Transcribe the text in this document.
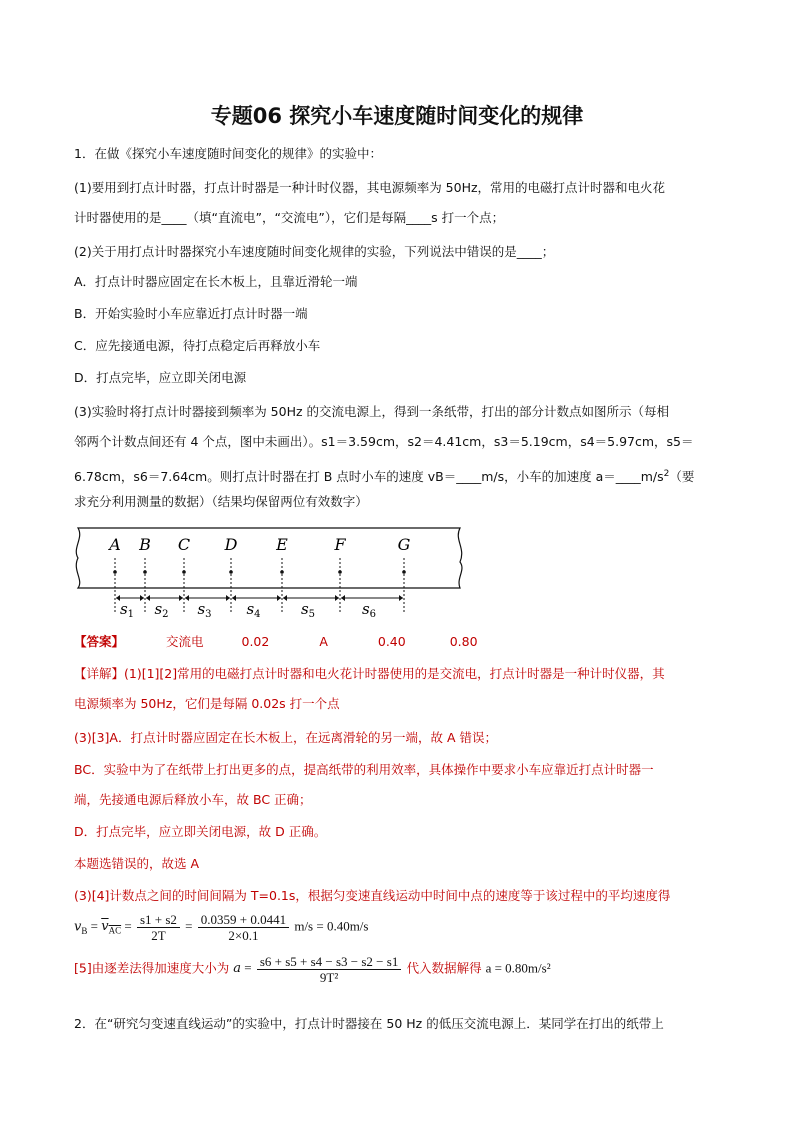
专题06 探究小车速度随时间变化的规律
1．在做《探究小车速度随时间变化的规律》的实验中：
(1)要用到打点计时器，打点计时器是一种计时仪器，其电源频率为 50Hz，常用的电磁打点计时器和电火花
计时器使用的是____（填“直流电”，“交流电”），它们是每隔____s 打一个点；
(2)关于用打点计时器探究小车速度随时间变化规律的实验，下列说法中错误的是____；
A．打点计时器应固定在长木板上，且靠近滑轮一端
B．开始实验时小车应靠近打点计时器一端
C．应先接通电源，待打点稳定后再释放小车
D．打点完毕，应立即关闭电源
(3)实验时将打点计时器接到频率为 50Hz 的交流电源上，得到一条纸带，打出的部分计数点如图所示（每相
邻两个计数点间还有 4 个点，图中未画出）。s1＝3.59cm，s2＝4.41cm，s3＝5.19cm，s4＝5.97cm，s5＝
6.78cm，s6＝7.64cm。则打点计时器在打 B 点时小车的速度 vB＝____m/s，小车的加速度 $a=\_\_\_\_m/s^2$（要
求充分利用测量的数据）（结果均保留两位有效数字）
A B C D E	F	G
$s_1$ $s_2$ $s_3$ $s_4$	$s_5$	$s_6$
【答案】	交流电	0.02	A	0.40	0.80
【详解】(1)[1][2]常用的电磁打点计时器和电火花计时器使用的是交流电，打点计时器是一种计时仪器，其
电源频率为 50Hz，它们是每隔 0.02s 打一个点
(3)[3]A．打点计时器应固定在长木板上，在远离滑轮的另一端，故 A 错误；
BC．实验中为了在纸带上打出更多的点，提高纸带的利用效率，具体操作中要求小车应靠近打点计时器一
端，先接通电源后释放小车，故 BC 正确；
D．打点完毕，应立即关闭电源，故 D 正确。
本题选错误的，故选 A
(3)[4]计数点之间的时间间隔为 T=0.1s，根据匀变速直线运动中时间中点的速度等于该过程中的平均速度得
$v_B = v_{AC} = \frac{s1 + s2}{2T} = \frac{0.0359 + 0.0441}{2\times 0.1} m/s = 0.40m/s$
[5]由逐差法得加速度大小为 $a = \frac{s6 + s5 + s4 - s3 - s2 - s1}{\text{9T²}}$ 代入数据解得 a = 0.80m/s²
2．在“研究匀变速直线运动”的实验中，打点计时器接在 50 Hz 的低压交流电源上．某同学在打出的纸带上
